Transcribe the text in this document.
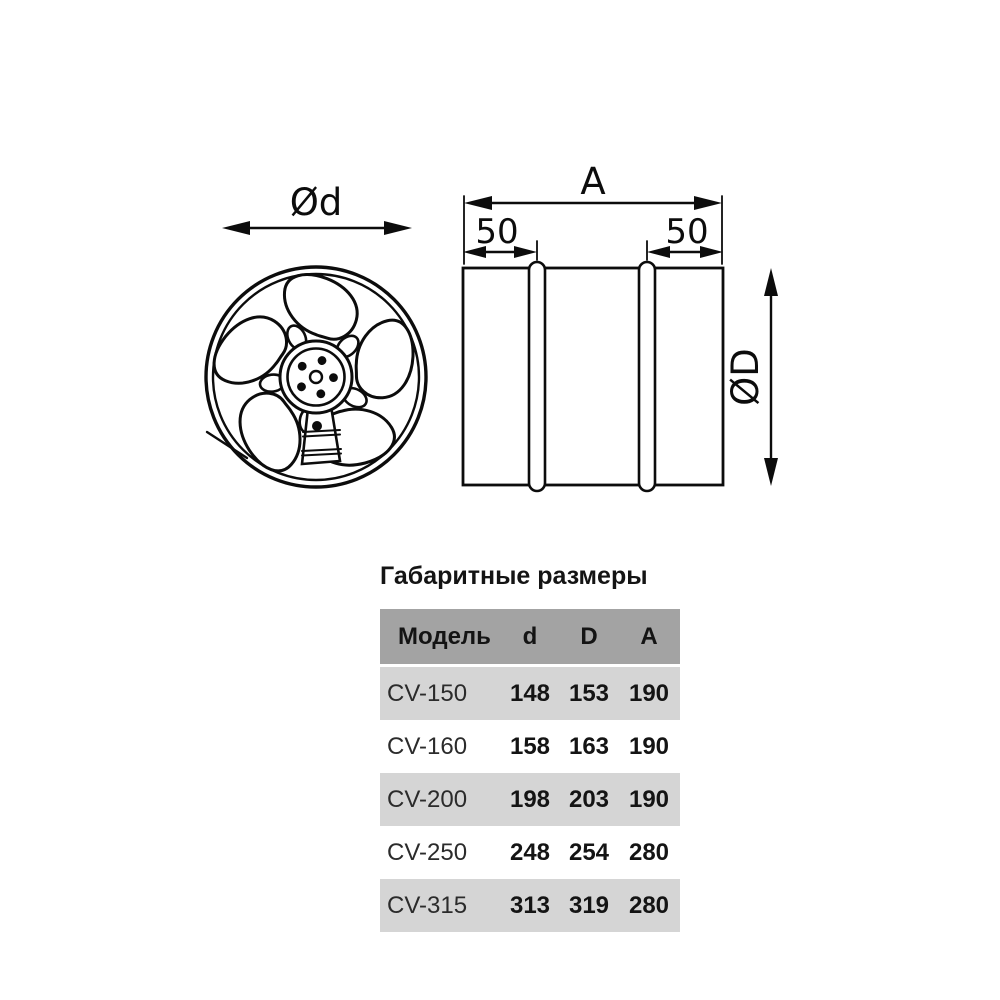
Ød	A
50	50
ØD
Габаритные размеры
Модель	d	D	A
CV-150	148 153 190
CV-160	158 163 190
CV-200	198 203 190
CV-250	248 254 280
CV-315	313 319 280
